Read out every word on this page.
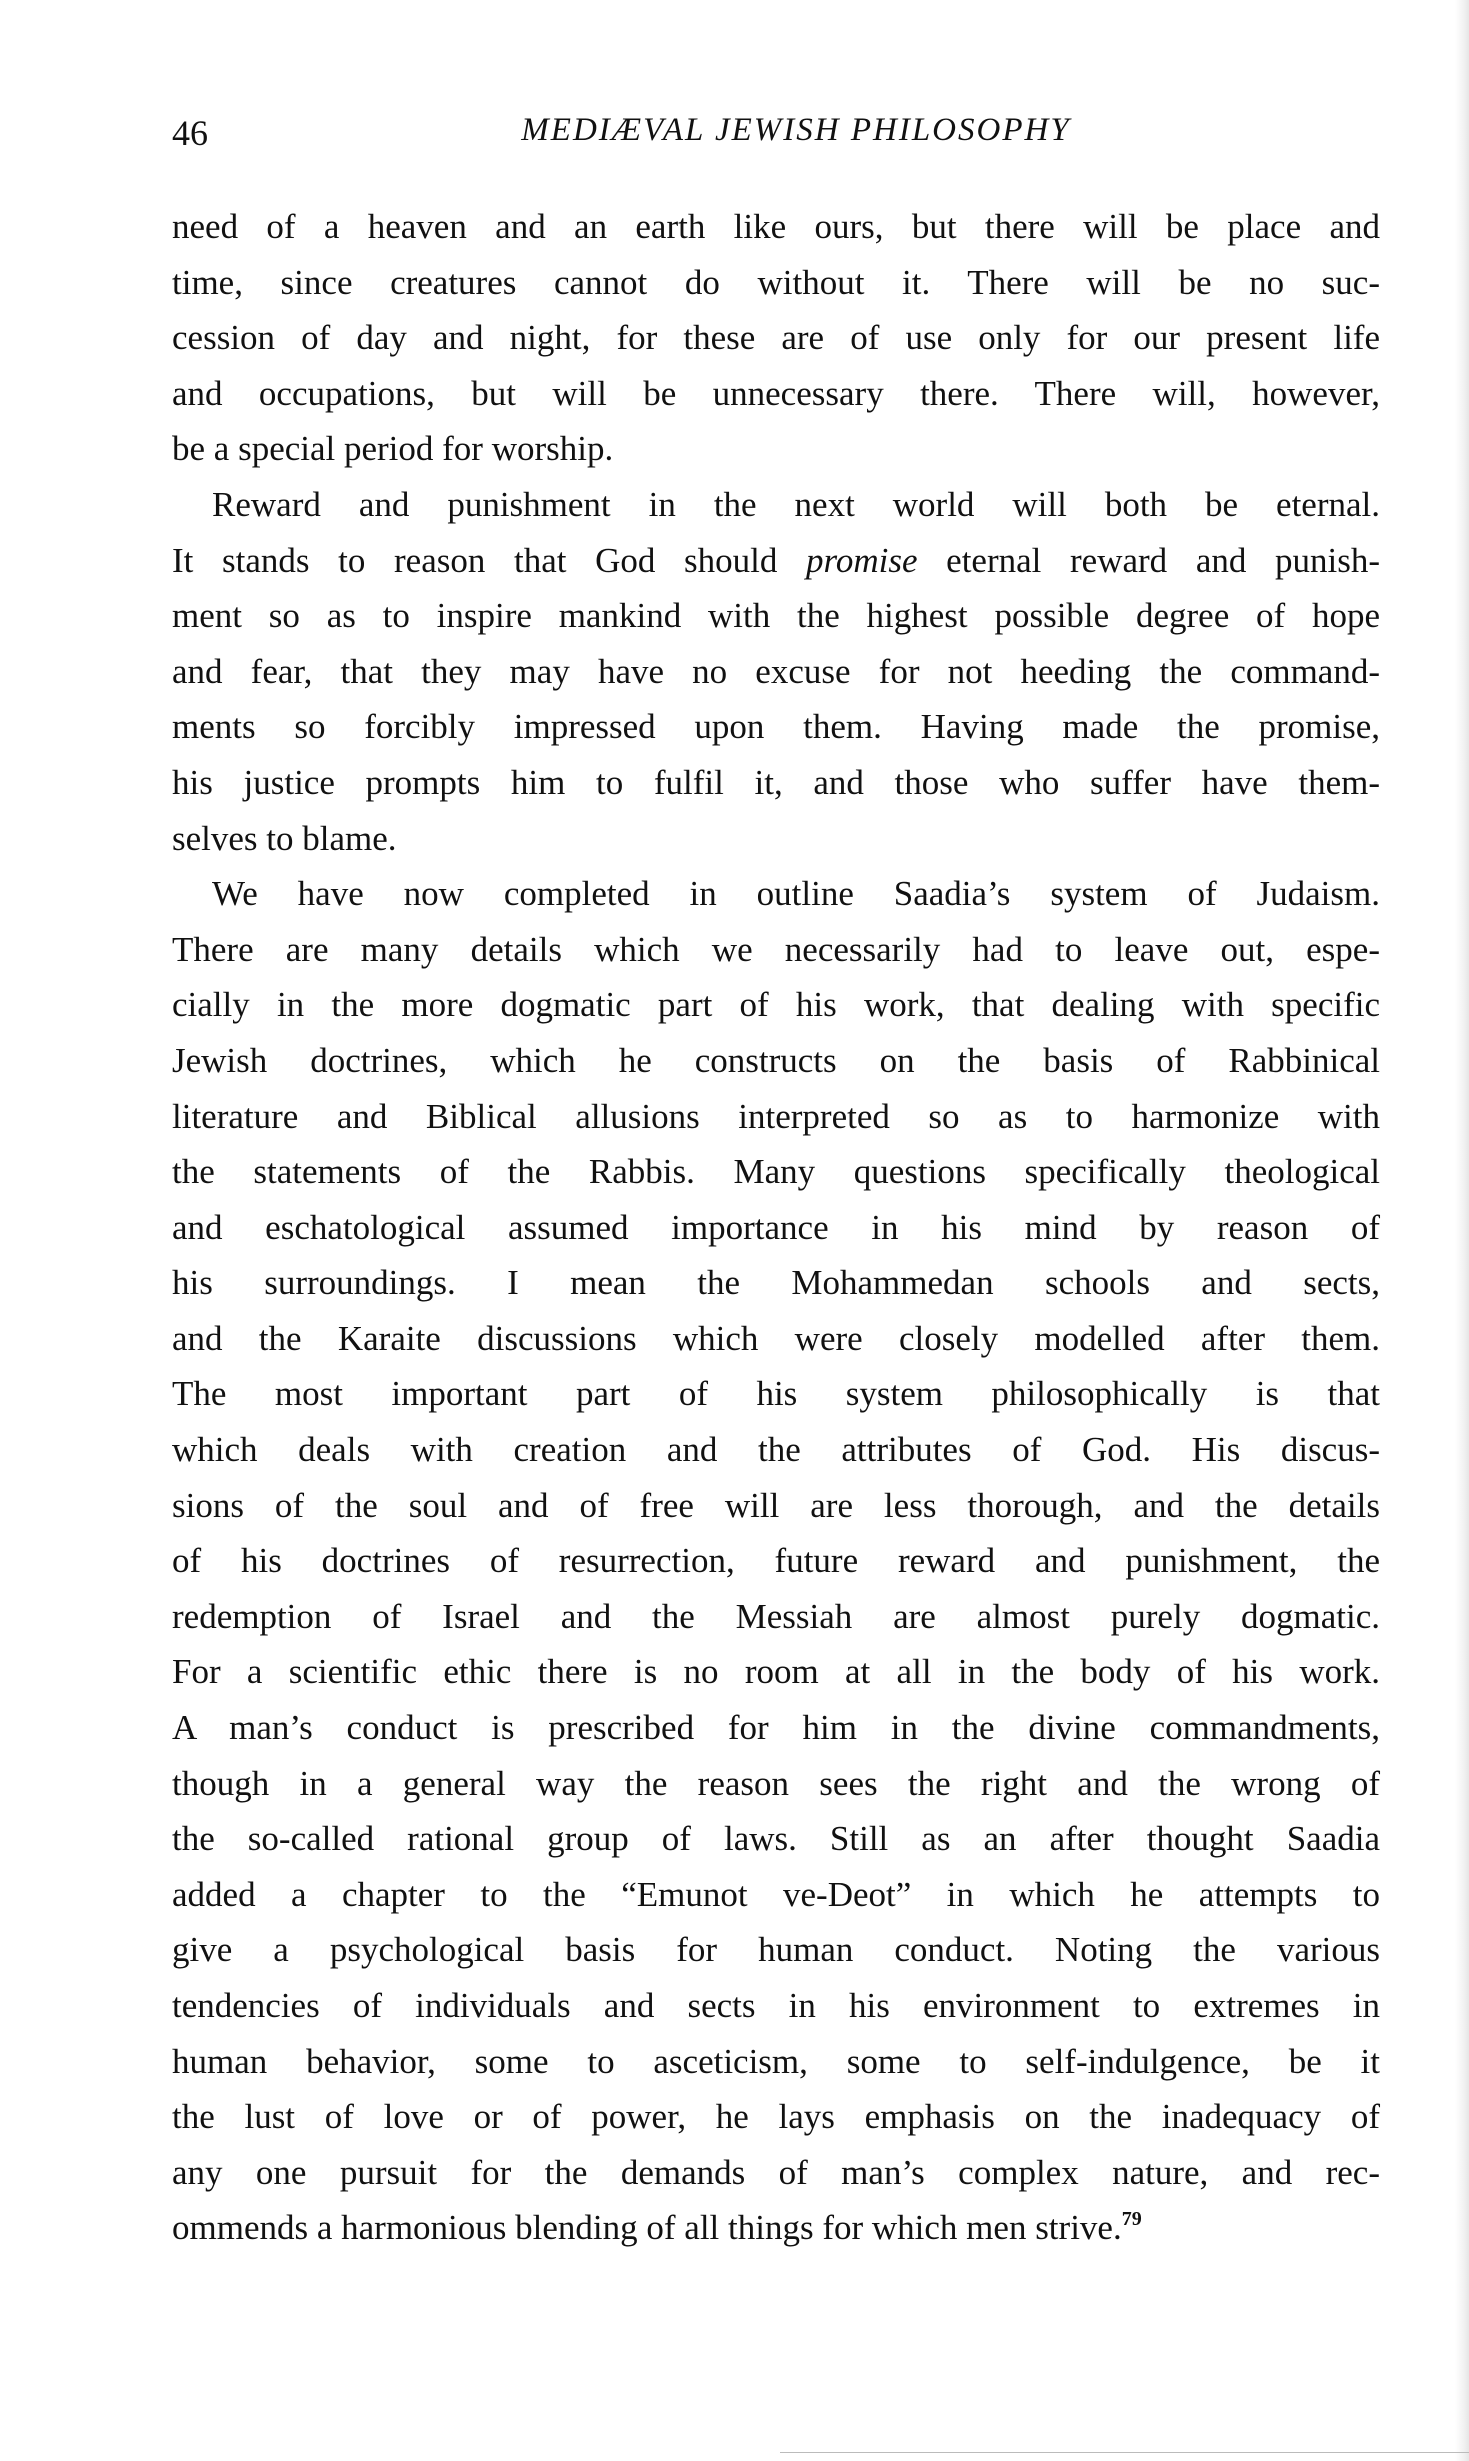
46	MEDIÆVAL JEWISH PHILOSOPHY
need of a heaven and an earth like ours, but there will be place and
time, since creatures cannot do without it. There will be no suc-
cession of day and night, for these are of use only for our present life
and occupations, but will be unnecessary there. There will, however,
be a special period for worship.
Reward and punishment in the next world will both be eternal.
It stands to reason that God should promise eternal reward and punish-
ment so as to inspire mankind with the highest possible degree of hope
and fear, that they may have no excuse for not heeding the command-
ments so forcibly impressed upon them. Having made the promise,
his justice prompts him to fulfil it, and those who suffer have them-
selves to blame.
We have now completed in outline Saadia’s system of Judaism.
There are many details which we necessarily had to leave out, espe-
cially in the more dogmatic part of his work, that dealing with specific
Jewish doctrines, which he constructs on the basis of Rabbinical
literature and Biblical allusions interpreted so as to harmonize with
the statements of the Rabbis. Many questions specifically theological
and eschatological assumed importance in his mind by reason of
his surroundings. I mean the Mohammedan schools and sects,
and the Karaite discussions which were closely modelled after them.
The most important part of his system philosophically is that
which deals with creation and the attributes of God. His discus-
sions of the soul and of free will are less thorough, and the details
of his doctrines of resurrection, future reward and punishment, the
redemption of Israel and the Messiah are almost purely dogmatic.
For a scientific ethic there is no room at all in the body of his work.
A man’s conduct is prescribed for him in the divine commandments,
though in a general way the reason sees the right and the wrong of
the so-called rational group of laws. Still as an after thought Saadia
added a chapter to the “Emunot ve-Deot” in which he attempts to
give a psychological basis for human conduct. Noting the various
tendencies of individuals and sects in his environment to extremes in
human behavior, some to asceticism, some to self-indulgence, be it
the lust of love or of power, he lays emphasis on the inadequacy of
any one pursuit for the demands of man’s complex nature, and rec-
ommends a harmonious blending of all things for which men strive.$^{79}$
